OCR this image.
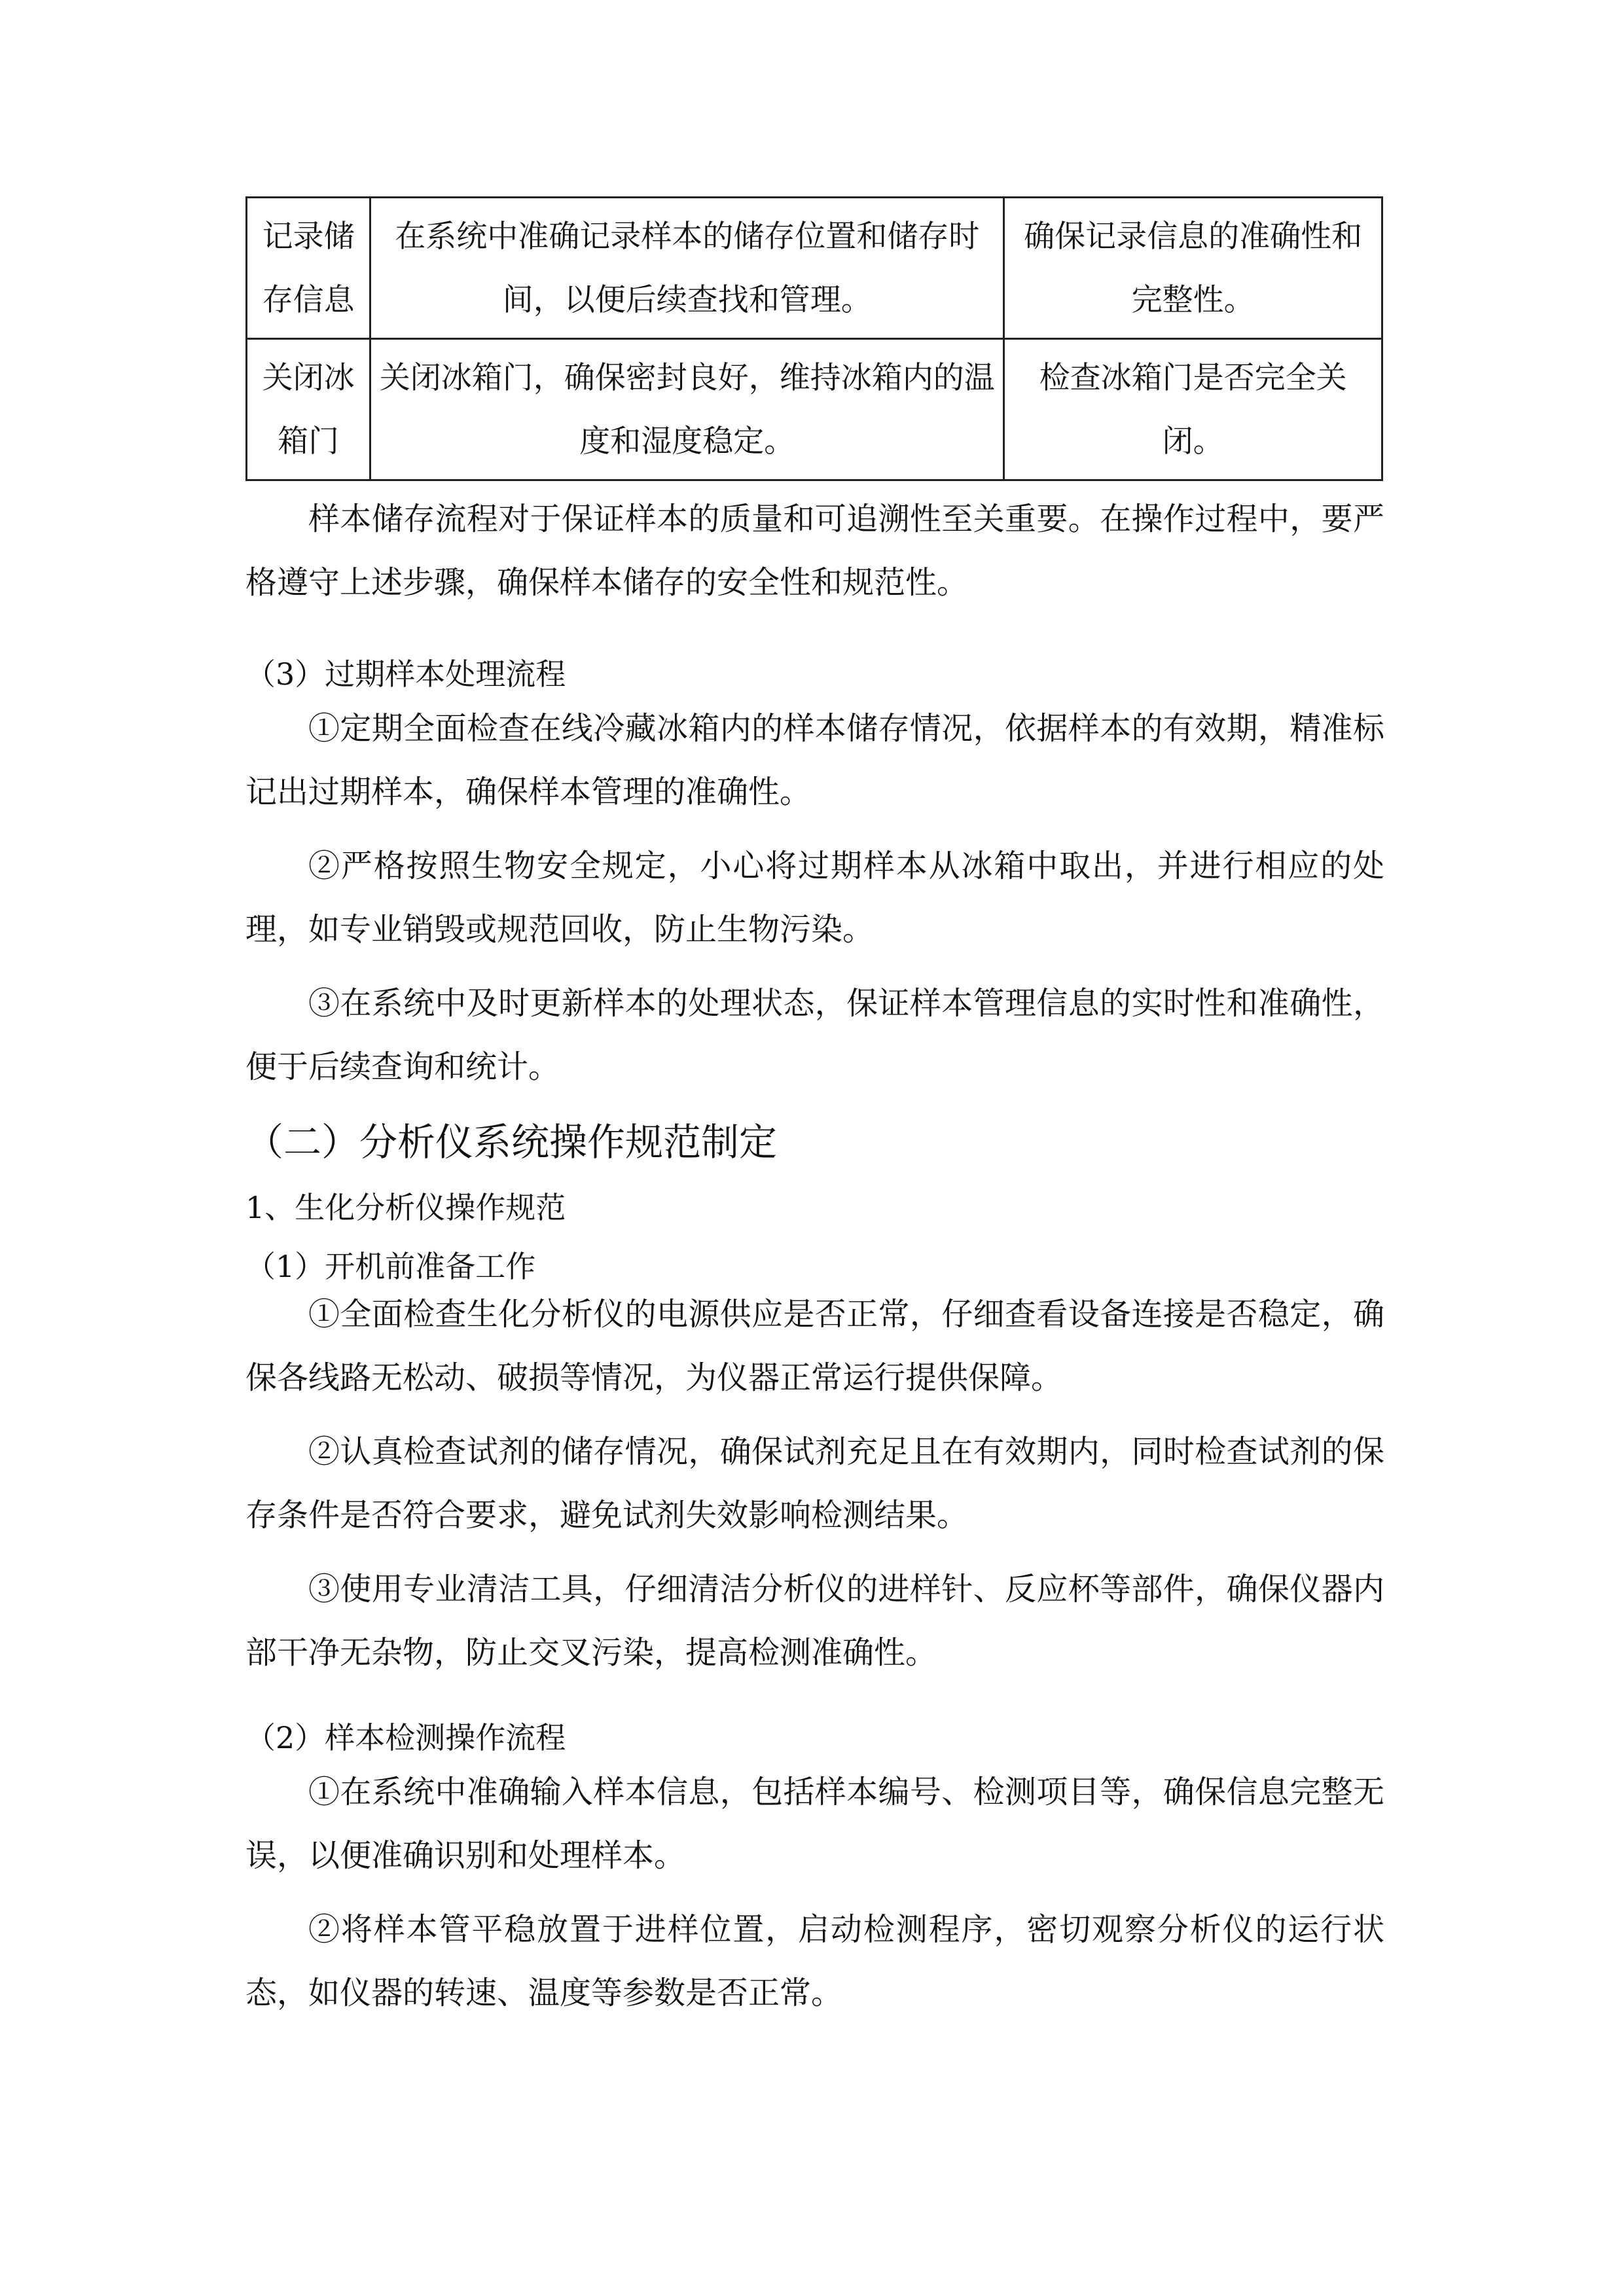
记录储存信息	在系统中准确记录样本的储存位置和储存时间，以便后续查找和管理。	确保记录信息的准确性和完整性。
关闭冰箱门	关闭冰箱门，确保密封良好，维持冰箱内的温度和湿度稳定。	检查冰箱门是否完全关闭。

样本储存流程对于保证样本的质量和可追溯性至关重要。在操作过程中，要严格遵守上述步骤，确保样本储存的安全性和规范性。

（3）过期样本处理流程

①定期全面检查在线冷藏冰箱内的样本储存情况，依据样本的有效期，精准标记出过期样本，确保样本管理的准确性。

②严格按照生物安全规定，小心将过期样本从冰箱中取出，并进行相应的处理，如专业销毁或规范回收，防止生物污染。

③在系统中及时更新样本的处理状态，保证样本管理信息的实时性和准确性，便于后续查询和统计。

（二）分析仪系统操作规范制定

1、生化分析仪操作规范

（1）开机前准备工作

①全面检查生化分析仪的电源供应是否正常，仔细查看设备连接是否稳定，确保各线路无松动、破损等情况，为仪器正常运行提供保障。

②认真检查试剂的储存情况，确保试剂充足且在有效期内，同时检查试剂的保存条件是否符合要求，避免试剂失效影响检测结果。

③使用专业清洁工具，仔细清洁分析仪的进样针、反应杯等部件，确保仪器内部干净无杂物，防止交叉污染，提高检测准确性。

（2）样本检测操作流程

①在系统中准确输入样本信息，包括样本编号、检测项目等，确保信息完整无误，以便准确识别和处理样本。

②将样本管平稳放置于进样位置，启动检测程序，密切观察分析仪的运行状态，如仪器的转速、温度等参数是否正常。
